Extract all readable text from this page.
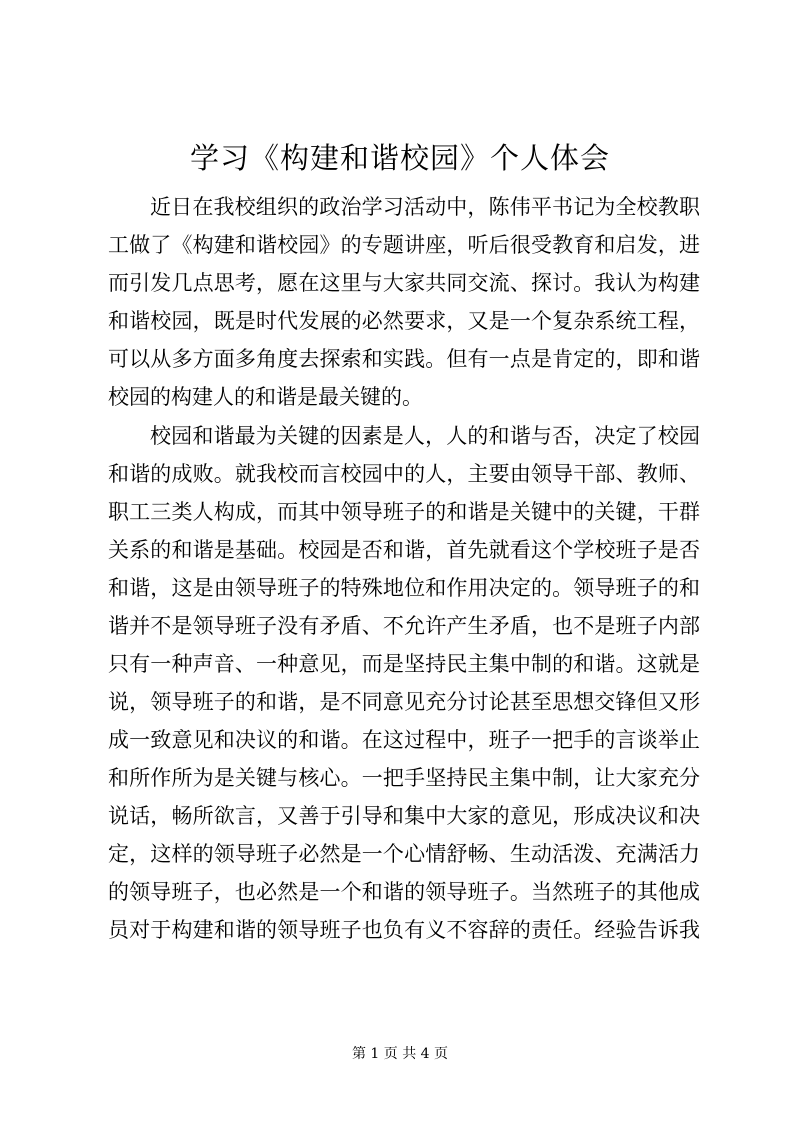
学习《构建和谐校园》个人体会
近日在我校组织的政治学习活动中，陈伟平书记为全校教职
工做了《构建和谐校园》的专题讲座，听后很受教育和启发，进
而引发几点思考，愿在这里与大家共同交流、探讨。我认为构建
和谐校园，既是时代发展的必然要求，又是一个复杂系统工程，
可以从多方面多角度去探索和实践。但有一点是肯定的，即和谐
校园的构建人的和谐是最关键的。
校园和谐最为关键的因素是人，人的和谐与否，决定了校园
和谐的成败。就我校而言校园中的人，主要由领导干部、教师、
职工三类人构成，而其中领导班子的和谐是关键中的关键，干群
关系的和谐是基础。校园是否和谐，首先就看这个学校班子是否
和谐，这是由领导班子的特殊地位和作用决定的。领导班子的和
谐并不是领导班子没有矛盾、不允许产生矛盾，也不是班子内部
只有一种声音、一种意见，而是坚持民主集中制的和谐。这就是
说，领导班子的和谐，是不同意见充分讨论甚至思想交锋但又形
成一致意见和决议的和谐。在这过程中，班子一把手的言谈举止
和所作所为是关键与核心。一把手坚持民主集中制，让大家充分
说话，畅所欲言，又善于引导和集中大家的意见，形成决议和决
定，这样的领导班子必然是一个心情舒畅、生动活泼、充满活力
的领导班子，也必然是一个和谐的领导班子。当然班子的其他成
员对于构建和谐的领导班子也负有义不容辞的责任。经验告诉我
第 1 页 共 4 页
